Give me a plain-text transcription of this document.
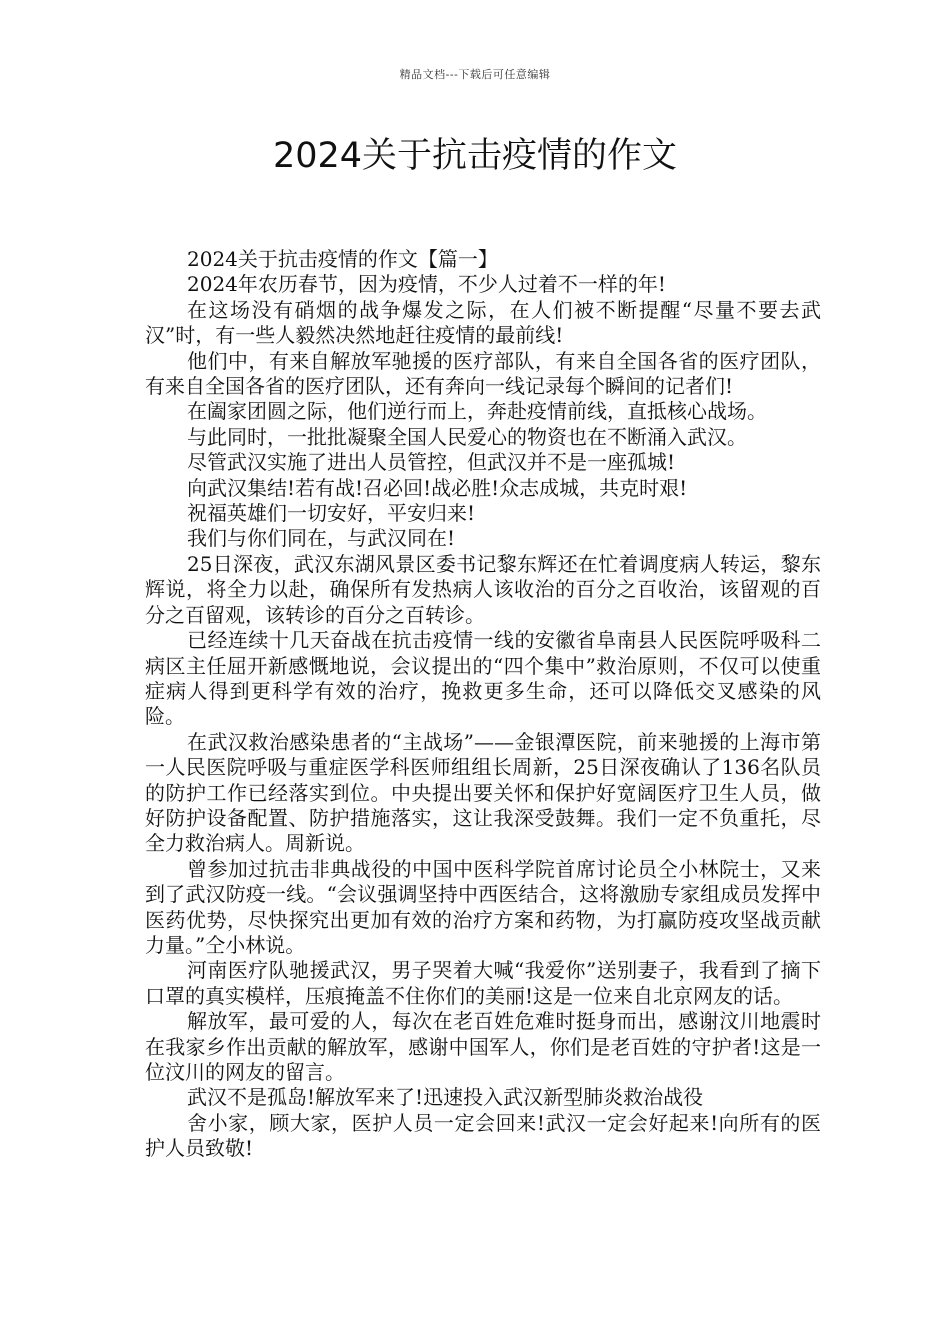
精品文档---下载后可任意编辑
2024关于抗击疫情的作文

2024关于抗击疫情的作文【篇一】

2024年农历春节，因为疫情，不少人过着不一样的年!

在这场没有硝烟的战争爆发之际，在人们被不断提醒“尽量不要去武汉”时，有一些人毅然决然地赶往疫情的最前线!

他们中，有来自解放军驰援的医疗部队，有来自全国各省的医疗团队，有来自全国各省的医疗团队，还有奔向一线记录每个瞬间的记者们!

在阖家团圆之际，他们逆行而上，奔赴疫情前线，直抵核心战场。

与此同时，一批批凝聚全国人民爱心的物资也在不断涌入武汉。

尽管武汉实施了进出人员管控，但武汉并不是一座孤城!

向武汉集结!若有战!召必回!战必胜!众志成城，共克时艰!

祝福英雄们一切安好，平安归来!

我们与你们同在，与武汉同在!

25日深夜，武汉东湖风景区委书记黎东辉还在忙着调度病人转运，黎东辉说，将全力以赴，确保所有发热病人该收治的百分之百收治，该留观的百分之百留观，该转诊的百分之百转诊。

已经连续十几天奋战在抗击疫情一线的安徽省阜南县人民医院呼吸科二病区主任屈开新感慨地说，会议提出的“四个集中”救治原则，不仅可以使重症病人得到更科学有效的治疗，挽救更多生命，还可以降低交叉感染的风险。

在武汉救治感染患者的“主战场”——金银潭医院，前来驰援的上海市第一人民医院呼吸与重症医学科医师组组长周新，25日深夜确认了136名队员的防护工作已经落实到位。中央提出要关怀和保护好宽阔医疗卫生人员，做好防护设备配置、防护措施落实，这让我深受鼓舞。我们一定不负重托，尽全力救治病人。周新说。

曾参加过抗击非典战役的中国中医科学院首席讨论员仝小林院士，又来到了武汉防疫一线。“会议强调坚持中西医结合，这将激励专家组成员发挥中医药优势，尽快探究出更加有效的治疗方案和药物，为打赢防疫攻坚战贡献力量。”仝小林说。

河南医疗队驰援武汉，男子哭着大喊“我爱你”送别妻子，我看到了摘下口罩的真实模样，压痕掩盖不住你们的美丽!这是一位来自北京网友的话。

解放军，最可爱的人，每次在老百姓危难时挺身而出，感谢汶川地震时在我家乡作出贡献的解放军，感谢中国军人，你们是老百姓的守护者!这是一位汶川的网友的留言。

武汉不是孤岛!解放军来了!迅速投入武汉新型肺炎救治战役

舍小家，顾大家，医护人员一定会回来!武汉一定会好起来!向所有的医护人员致敬!
